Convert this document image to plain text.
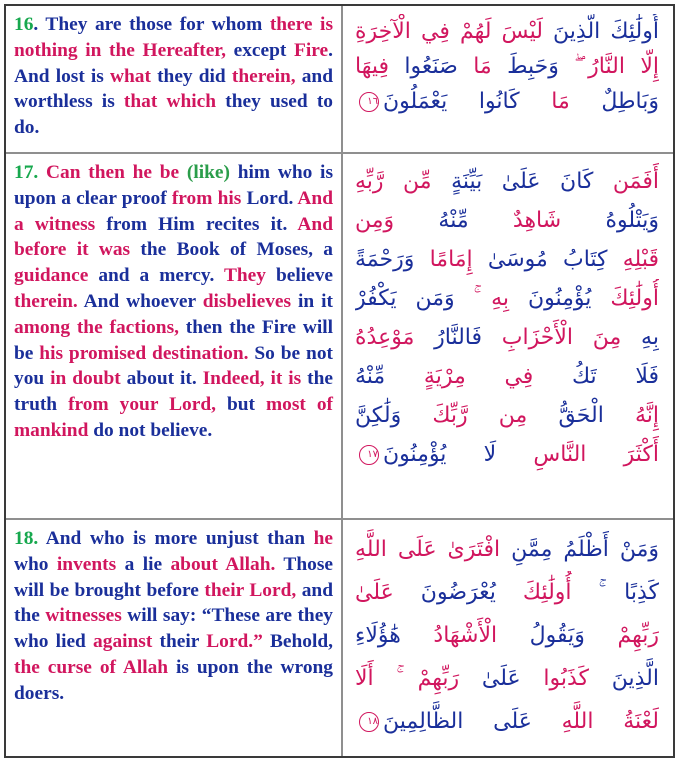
16. They are those for whom there is nothing in the Hereafter, except Fire. And lost is what they did therein, and worthless is that which they used to do.
أُولَٰئِكَ الَّذِينَ لَيْسَ لَهُمْ فِي الْآخِرَةِ
إِلَّا النَّارُ ۖ وَحَبِطَ مَا صَنَعُوا فِيهَا
وَبَاطِلٌ مَا كَانُوا يَعْمَلُونَ١٦
17. Can then he be (like) him who is upon a clear proof from his Lord. And a witness from Him recites it. And before it was the Book of Moses, a guidance and a mercy. They believe therein. And whoever disbelieves in it among the factions, then the Fire will be his promised destination. So be not you in doubt about it. Indeed, it is the truth from your Lord, but most of mankind do not believe.
أَفَمَن كَانَ عَلَىٰ بَيِّنَةٍ مِّن رَّبِّهِ
وَيَتْلُوهُ شَاهِدٌ مِّنْهُ وَمِن
قَبْلِهِ كِتَابُ مُوسَىٰ إِمَامًا وَرَحْمَةً
أُولَٰئِكَ يُؤْمِنُونَ بِهِ ۚ وَمَن يَكْفُرْ
بِهِ مِنَ الْأَحْزَابِ فَالنَّارُ مَوْعِدُهُ
فَلَا تَكُ فِي مِرْيَةٍ مِّنْهُ
إِنَّهُ الْحَقُّ مِن رَّبِّكَ وَلَٰكِنَّ
أَكْثَرَ النَّاسِ لَا يُؤْمِنُونَ١٧
18. And who is more unjust than he who invents a lie about Allah. Those will be brought before their Lord, and the witnesses will say: “These are they who lied against their Lord.” Behold, the curse of Allah is upon the wrong doers.
وَمَنْ أَظْلَمُ مِمَّنِ افْتَرَىٰ عَلَى اللَّهِ
كَذِبًا ۚ أُولَٰئِكَ يُعْرَضُونَ عَلَىٰ
رَبِّهِمْ وَيَقُولُ الْأَشْهَادُ هَٰؤُلَاءِ
الَّذِينَ كَذَبُوا عَلَىٰ رَبِّهِمْ ۚ أَلَا
لَعْنَةُ اللَّهِ عَلَى الظَّالِمِينَ١٨
